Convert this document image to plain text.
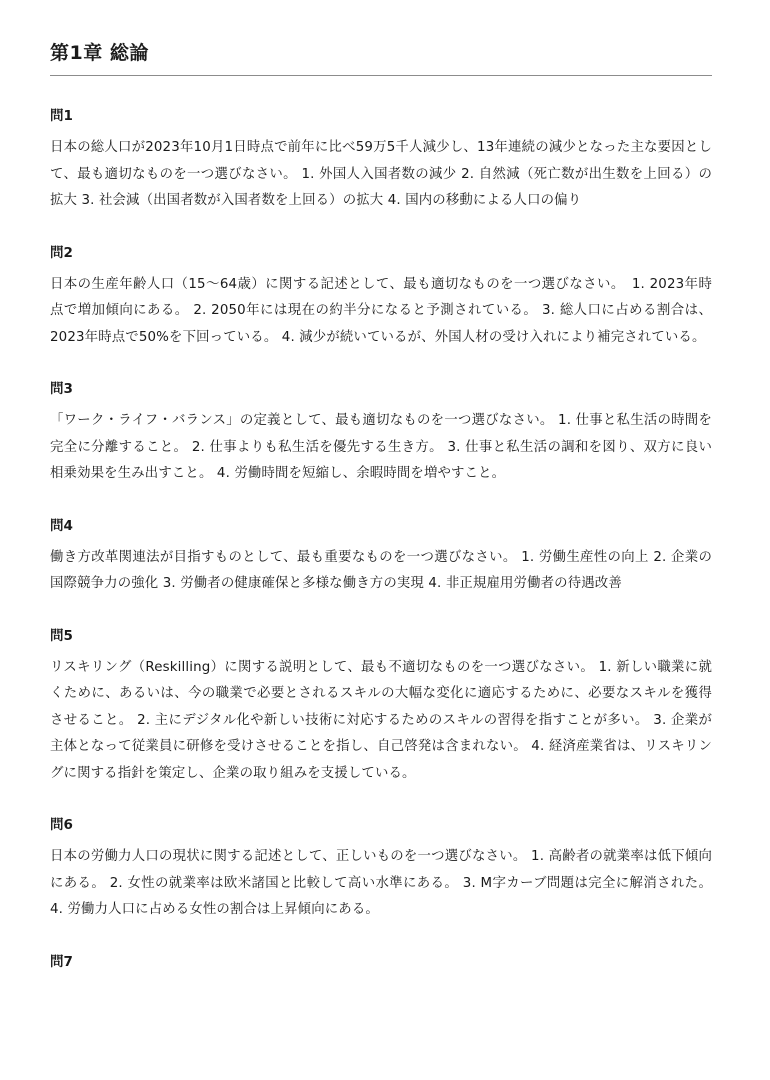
第1章 総論
問1

日本の総人口が2023年10月1日時点で前年に比べ59万5千人減少し、13年連続の減少となった主な要因として、最も適切なものを一つ選びなさい。 1. 外国人入国者数の減少 2. 自然減（死亡数が出生数を上回る）の拡大 3. 社会減（出国者数が入国者数を上回る）の拡大 4. 国内の移動による人口の偏り

問2

日本の生産年齢人口（15〜64歳）に関する記述として、最も適切なものを一つ選びなさい。　1. 2023年時点で増加傾向にある。 2. 2050年には現在の約半分になると予測されている。 3. 総人口に占める割合は、2023年時点で50%を下回っている。 4. 減少が続いているが、外国人材の受け入れにより補完されている。

問3

「ワーク・ライフ・バランス」の定義として、最も適切なものを一つ選びなさい。 1. 仕事と私生活の時間を完全に分離すること。 2. 仕事よりも私生活を優先する生き方。 3. 仕事と私生活の調和を図り、双方に良い相乗効果を生み出すこと。 4. 労働時間を短縮し、余暇時間を増やすこと。

問4

働き方改革関連法が目指すものとして、最も重要なものを一つ選びなさい。 1. 労働生産性の向上 2. 企業の国際競争力の強化 3. 労働者の健康確保と多様な働き方の実現 4. 非正規雇用労働者の待遇改善

問5

リスキリング（Reskilling）に関する説明として、最も不適切なものを一つ選びなさい。 1. 新しい職業に就くために、あるいは、今の職業で必要とされるスキルの大幅な変化に適応するために、必要なスキルを獲得させること。 2. 主にデジタル化や新しい技術に対応するためのスキルの習得を指すことが多い。 3. 企業が主体となって従業員に研修を受けさせることを指し、自己啓発は含まれない。 4. 経済産業省は、リスキリングに関する指針を策定し、企業の取り組みを支援している。

問6

日本の労働力人口の現状に関する記述として、正しいものを一つ選びなさい。 1. 高齢者の就業率は低下傾向にある。 2. 女性の就業率は欧米諸国と比較して高い水準にある。 3. M字カーブ問題は完全に解消された。 4. 労働力人口に占める女性の割合は上昇傾向にある。

問7
